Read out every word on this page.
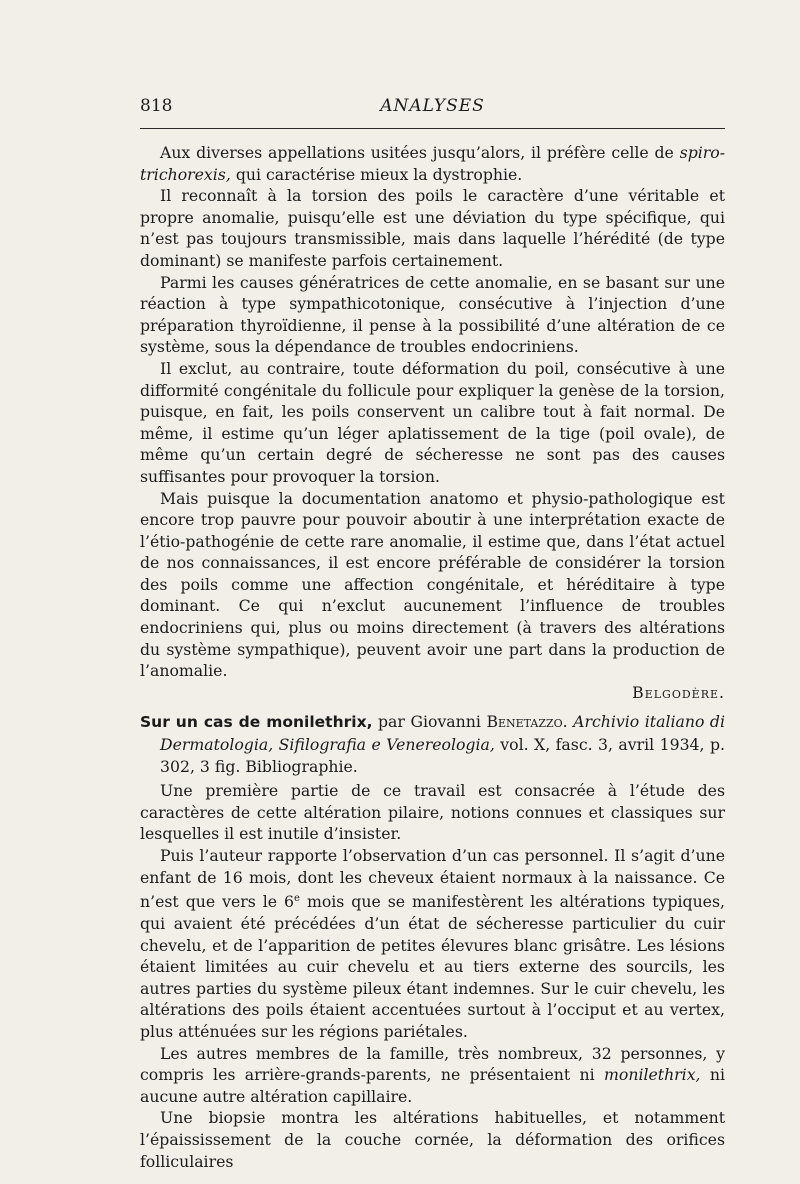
818	ANALYSES

Aux diverses appellations usitées jusqu’alors, il préfère celle de spiro-trichorexis, qui caractérise mieux la dystrophie.

Il reconnaît à la torsion des poils le caractère d’une véritable et propre anomalie, puisqu’elle est une déviation du type spécifique, qui n’est pas toujours transmissible, mais dans laquelle l’hérédité (de type dominant) se manifeste parfois certainement.

Parmi les causes génératrices de cette anomalie, en se basant sur une réaction à type sympathicotonique, consécutive à l’injection d’une préparation thyroïdienne, il pense à la possibilité d’une altération de ce système, sous la dépendance de troubles endocriniens.

Il exclut, au contraire, toute déformation du poil, consécutive à une difformité congénitale du follicule pour expliquer la genèse de la torsion, puisque, en fait, les poils conservent un calibre tout à fait normal. De même, il estime qu’un léger aplatissement de la tige (poil ovale), de même qu’un certain degré de sécheresse ne sont pas des causes suffisantes pour provoquer la torsion.

Mais puisque la documentation anatomo et physio-pathologique est encore trop pauvre pour pouvoir aboutir à une interprétation exacte de l’étio-pathogénie de cette rare anomalie, il estime que, dans l’état actuel de nos connaissances, il est encore préférable de considérer la torsion des poils comme une affection congénitale, et héréditaire à type dominant. Ce qui n’exclut aucunement l’influence de troubles endocriniens qui, plus ou moins directement (à travers des altérations du système sympathique), peuvent avoir une part dans la production de l’anomalie.

Belgodère.

Sur un cas de monilethrix, par Giovanni Benetazzo. Archivio italiano di Dermatologia, Sifilografia e Venereologia, vol. X, fasc. 3, avril 1934, p. 302, 3 fig. Bibliographie.

Une première partie de ce travail est consacrée à l’étude des caractères de cette altération pilaire, notions connues et classiques sur lesquelles il est inutile d’insister.

Puis l’auteur rapporte l’observation d’un cas personnel. Il s’agit d’une enfant de 16 mois, dont les cheveux étaient normaux à la naissance. Ce n’est que vers le 6e mois que se manifestèrent les altérations typiques, qui avaient été précédées d’un état de sécheresse particulier du cuir chevelu, et de l’apparition de petites élevures blanc grisâtre. Les lésions étaient limitées au cuir chevelu et au tiers externe des sourcils, les autres parties du système pileux étant indemnes. Sur le cuir chevelu, les altérations des poils étaient accentuées surtout à l’occiput et au vertex, plus atténuées sur les régions pariétales.

Les autres membres de la famille, très nombreux, 32 personnes, y compris les arrière-grands-parents, ne présentaient ni monilethrix, ni aucune autre altération capillaire.

Une biopsie montra les altérations habituelles, et notamment l’épaississement de la couche cornée, la déformation des orifices folliculaires
